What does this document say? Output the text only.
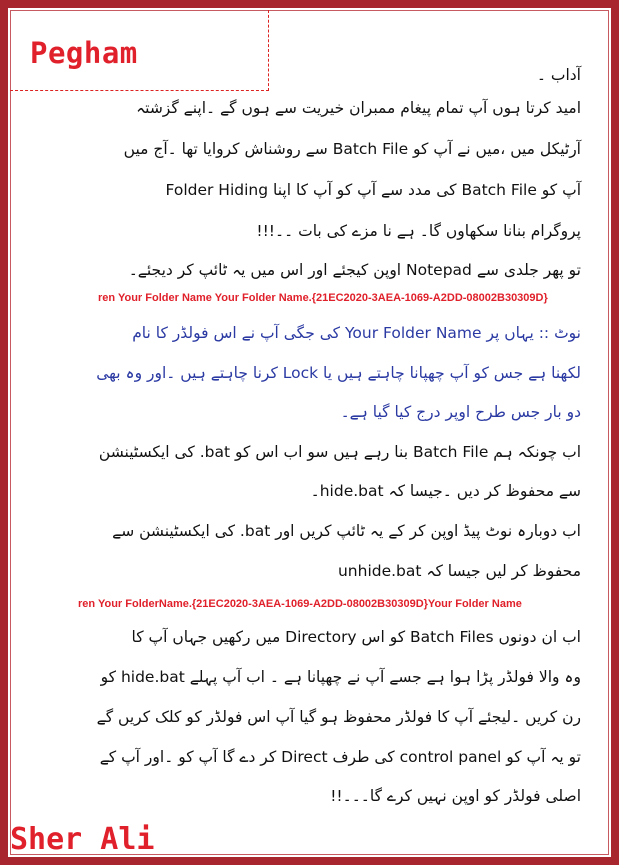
Pegham
آداب ۔
امید کرتا ہوں آپ تمام پیغام ممبران خیریت سے ہوں گے ۔اپنے گزشتہ
آرٹیکل میں ،میں نے آپ کو Batch File سے روشناش کروایا تھا ۔آج میں
آپ کو Batch File کی مدد سے آپ کو آپ کا اپنا Folder Hiding
پروگرام بنانا سکھاوں گا۔ ہے نا مزے کی بات ۔۔!!!
تو پھر جلدی سے Notepad اوپن کیجئے اور اس میں یہ ٹائپ کر دیجئے۔
ren Your Folder Name Your Folder Name.{21EC2020-3AEA-1069-A2DD-08002B30309D}
نوٹ :: یہاں پر Your Folder Name کی جگی آپ نے اس فولڈر کا نام
لکھنا ہے جس کو آپ چھپانا چاہتے ہیں یا Lock کرنا چاہتے ہیں ۔اور وہ بھی
دو بار جس طرح اوپر درج کیا گیا ہے۔
اب چونکہ ہم Batch File بنا رہے ہیں سو اب اس کو bat. کی ایکسٹینشن
سے محفوظ کر دیں ۔جیسا کہ hide.bat۔
اب دوبارہ نوٹ پیڈ اوپن کر کے یہ ٹائپ کریں اور bat. کی ایکسٹینشن سے
محفوظ کر لیں جیسا کہ unhide.bat
ren Your FolderName.{21EC2020-3AEA-1069-A2DD-08002B30309D}Your Folder Name
اب ان دونوں Batch Files کو اس Directory میں رکھیں جہاں آپ کا
وہ والا فولڈر پڑا ہوا ہے جسے آپ نے چھپانا ہے ۔ اب آپ پہلے hide.bat کو
رن کریں ۔لیجئے آپ کا فولڈر محفوظ ہو گیا آپ اس فولڈر کو کلک کریں گے
تو یہ آپ کو control panel کی طرف Direct کر دے گا آپ کو ۔اور آپ کے
اصلی فولڈر کو اوپن نہیں کرے گا۔۔۔!!
Sher Ali
